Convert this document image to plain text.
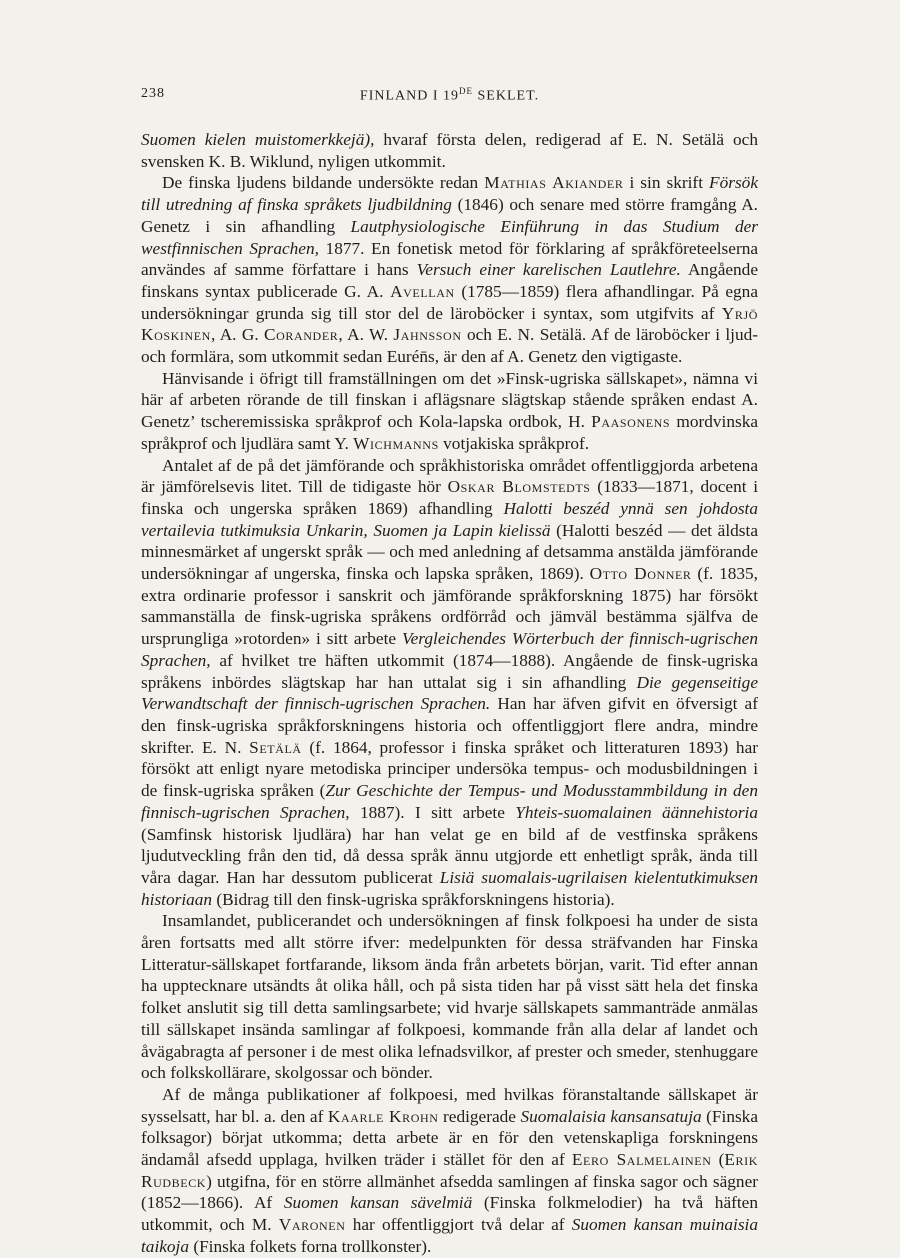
238	FINLAND I 19DE SEKLET.

Suomen kielen muistomerkkejä), hvaraf första delen, redigerad af E. N. Setälä och svensken K. B. Wiklund, nyligen utkommit.

De finska ljudens bildande undersökte redan Mathias Akiander i sin skrift Försök till utredning af finska språkets ljudbildning (1846) och senare med större framgång A. Genetz i sin afhandling Lautphysiologische Einführung in das Studium der westfinnischen Sprachen, 1877. En fonetisk metod för förklaring af språkföreteelserna användes af samme författare i hans Versuch einer karelischen Lautlehre. Angående finskans syntax publicerade G. A. Avellan (1785—1859) flera afhandlingar. På egna undersökningar grunda sig till stor del de läroböcker i syntax, som utgifvits af Yrjö Koskinen, A. G. Corander, A. W. Jahnsson och E. N. Setälä. Af de läroböcker i ljud- och formlära, som utkommit sedan Eurén̄s, är den af A. Genetz den vigtigaste.

Hänvisande i öfrigt till framställningen om det »Finsk-ugriska sällskapet», nämna vi här af arbeten rörande de till finskan i aflägsnare slägtskap stående språken endast A. Genetz’ tscheremissiska språkprof och Kola-lapska ordbok, H. Paasonens mordvinska språkprof och ljudlära samt Y. Wichmanns votjakiska språkprof.

Antalet af de på det jämförande och språkhistoriska området offentliggjorda arbetena är jämförelsevis litet. Till de tidigaste hör Oskar Blomstedts (1833—1871, docent i finska och ungerska språken 1869) afhandling Halotti beszéd ynnä sen johdosta vertailevia tutkimuksia Unkarin, Suomen ja Lapin kielissä (Halotti beszéd — det äldsta minnesmärket af ungerskt språk — och med anledning af detsamma anstälda jämförande undersökningar af ungerska, finska och lapska språken, 1869). Otto Donner (f. 1835, extra ordinarie professor i sanskrit och jämförande språkforskning 1875) har försökt sammanställa de finsk-ugriska språkens ordförråd och jämväl bestämma själfva de ursprungliga »rotorden» i sitt arbete Vergleichendes Wörterbuch der finnisch-ugrischen Sprachen, af hvilket tre häften utkommit (1874—1888). Angående de finsk-ugriska språkens inbördes slägtskap har han uttalat sig i sin afhandling Die gegenseitige Verwandtschaft der finnisch-ugrischen Sprachen. Han har äfven gifvit en öfversigt af den finsk-ugriska språkforskningens historia och offentliggjort flere andra, mindre skrifter. E. N. Setälä (f. 1864, professor i finska språket och litteraturen 1893) har försökt att enligt nyare metodiska principer undersöka tempus- och modusbildningen i de finsk-ugriska språken (Zur Geschichte der Tempus- und Modusstammbildung in den finnisch-ugrischen Sprachen, 1887). I sitt arbete Yhteis-suomalainen äännehistoria (Samfinsk historisk ljudlära) har han velat ge en bild af de vestfinska språkens ljudutveckling från den tid, då dessa språk ännu utgjorde ett enhetligt språk, ända till våra dagar. Han har dessutom publicerat Lisiä suomalais-ugrilaisen kielentutkimuksen historiaan (Bidrag till den finsk-ugriska språkforskningens historia).

Insamlandet, publicerandet och undersökningen af finsk folkpoesi ha under de sista åren fortsatts med allt större ifver: medelpunkten för dessa sträfvanden har Finska Litteratur-sällskapet fortfarande, liksom ända från arbetets början, varit. Tid efter annan ha upptecknare utsändts åt olika håll, och på sista tiden har på visst sätt hela det finska folket anslutit sig till detta samlingsarbete; vid hvarje sällskapets sammanträde anmälas till sällskapet insända samlingar af folkpoesi, kommande från alla delar af landet och åvägabragta af personer i de mest olika lefnadsvilkor, af prester och smeder, stenhuggare och folkskollärare, skolgossar och bönder.

Af de många publikationer af folkpoesi, med hvilkas föranstaltande sällskapet är sysselsatt, har bl. a. den af Kaarle Krohn redigerade Suomalaisia kansansatuja (Finska folksagor) börjat utkomma; detta arbete är en för den vetenskapliga forskningens ändamål afsedd upplaga, hvilken träder i stället för den af Eero Salmelainen (Erik Rudbeck) utgifna, för en större allmänhet afsedda samlingen af finska sagor och sägner (1852—1866). Af Suomen kansan sävelmiä (Finska folkmelodier) ha två häften utkommit, och M. Varonen har offentliggjort två delar af Suomen kansan muinaisia taikoja (Finska folkets forna trollkonster).
